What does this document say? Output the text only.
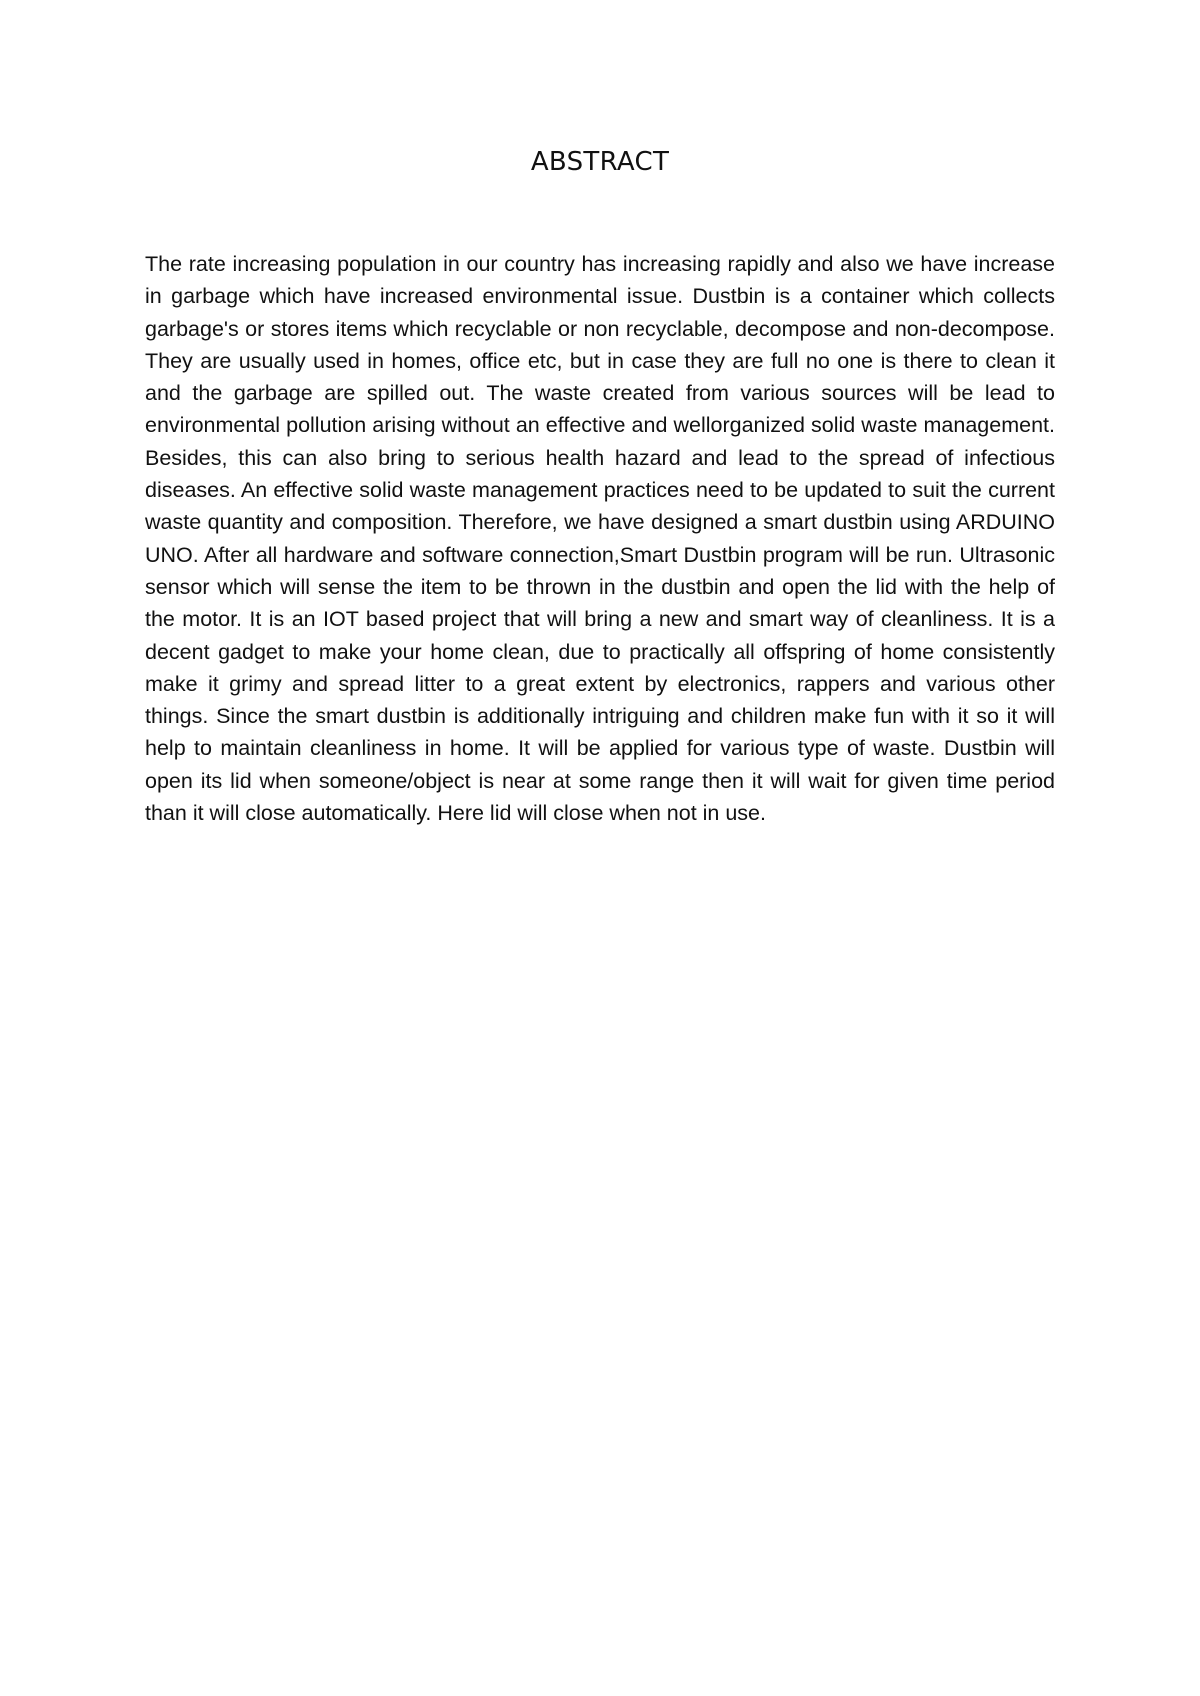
ABSTRACT

The rate increasing population in our country has increasing rapidly and also we have increase in garbage which have increased environmental issue. Dustbin is a container which collects garbage's or stores items which recyclable or non recyclable, decompose and non-decompose. They are usually used in homes, office etc, but in case they are full no one is there to clean it and the garbage are spilled out. The waste created from various sources will be lead to environmental pollution arising without an effective and wellorganized solid waste management. Besides, this can also bring to serious health hazard and lead to the spread of infectious diseases. An effective solid waste management practices need to be updated to suit the current waste quantity and composition. Therefore, we have designed a smart dustbin using ARDUINO UNO. After all hardware and software connection,Smart Dustbin program will be run. Ultrasonic sensor which will sense the item to be thrown in the dustbin and open the lid with the help of the motor. It is an IOT based project that will bring a new and smart way of cleanliness. It is a decent gadget to make your home clean, due to practically all offspring of home consistently make it grimy and spread litter to a great extent by electronics, rappers and various other things. Since the smart dustbin is additionally intriguing and children make fun with it so it will help to maintain cleanliness in home. It will be applied for various type of waste. Dustbin will open its lid when someone/object is near at some range then it will wait for given time period than it will close automatically. Here lid will close when not in use.
